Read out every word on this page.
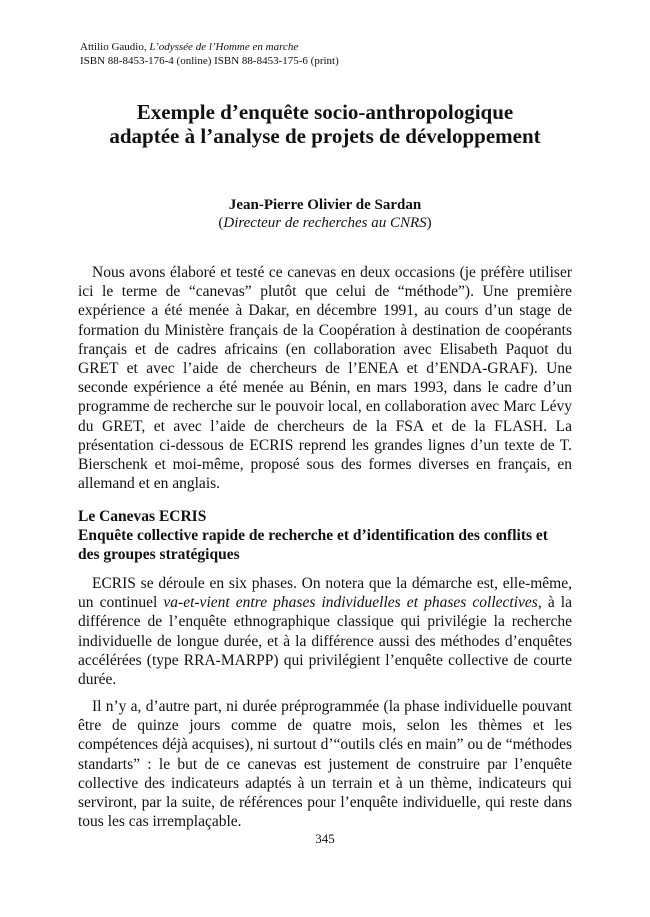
Attilio Gaudio, L’odyssée de l’Homme en marche
ISBN 88-8453-176-4 (online) ISBN 88-8453-175-6 (print)
Exemple d’enquête socio-anthropologique
adaptée à l’analyse de projets de développement
Jean-Pierre Olivier de Sardan
(Directeur de recherches au CNRS)

Nous avons élaboré et testé ce canevas en deux occasions (je préfère utiliser ici le terme de “canevas” plutôt que celui de “méthode”). Une première expérience a été menée à Dakar, en décembre 1991, au cours d’un stage de formation du Ministère français de la Coopération à destination de coopérants français et de cadres africains (en collaboration avec Elisabeth Paquot du GRET et avec l’aide de chercheurs de l’ENEA et d’ENDA-GRAF). Une seconde expérience a été menée au Bénin, en mars 1993, dans le cadre d’un programme de recherche sur le pouvoir local, en collaboration avec Marc Lévy du GRET, et avec l’aide de chercheurs de la FSA et de la FLASH. La présentation ci-dessous de ECRIS reprend les grandes lignes d’un texte de T. Bierschenk et moi-même, proposé sous des formes diverses en français, en allemand et en anglais.

Le Canevas ECRIS
Enquête collective rapide de recherche et d’identification des conflits et des groupes stratégiques

ECRIS se déroule en six phases. On notera que la démarche est, elle-même, un continuel va-et-vient entre phases individuelles et phases collectives, à la différence de l’enquête ethnographique classique qui privilégie la recherche individuelle de longue durée, et à la différence aussi des méthodes d’enquêtes accélérées (type RRA-MARPP) qui privilégient l’enquête collective de courte durée.

Il n’y a, d’autre part, ni durée préprogrammée (la phase individuelle pouvant être de quinze jours comme de quatre mois, selon les thèmes et les compétences déjà acquises), ni surtout d’“outils clés en main” ou de “méthodes standarts” : le but de ce canevas est justement de construire par l’enquête collective des indicateurs adaptés à un terrain et à un thème, indicateurs qui serviront, par la suite, de références pour l’enquête individuelle, qui reste dans tous les cas irremplaçable.

345
